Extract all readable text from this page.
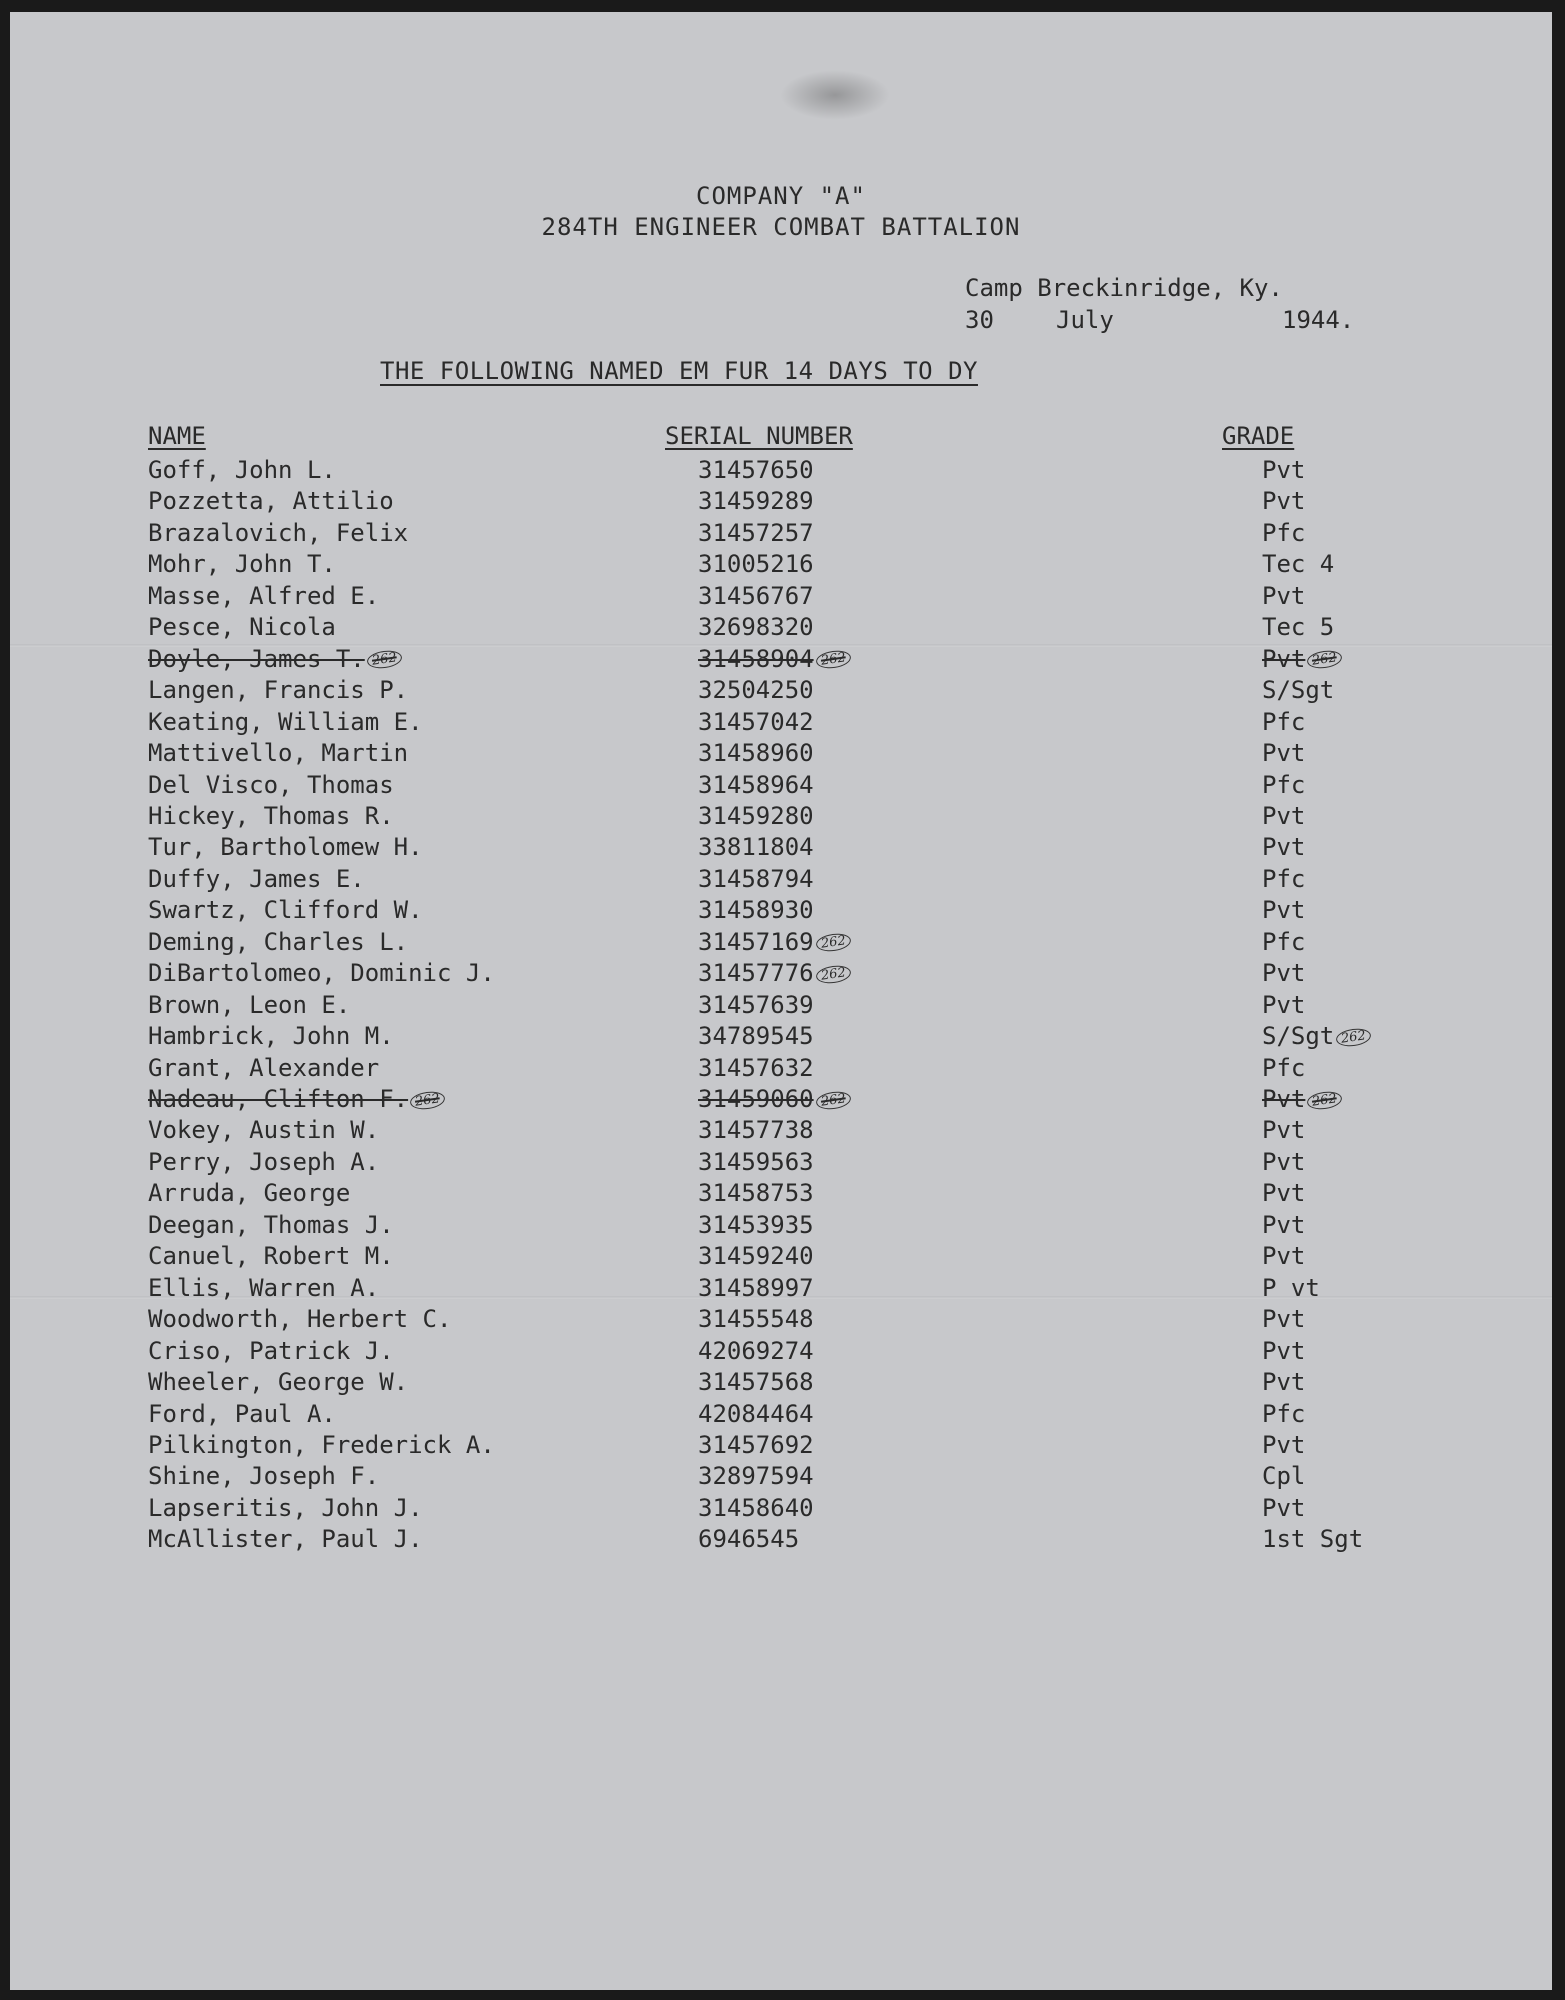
COMPANY "A"
284TH ENGINEER COMBAT BATTALION
Camp Breckinridge, Ky.
30	July	1944.
THE FOLLOWING NAMED EM FUR 14 DAYS TO DY
NAME	SERIAL NUMBER	GRADE
Goff, John L.	31457650	Pvt
Pozzetta, Attilio	31459289	Pvt
Brazalovich, Felix	31457257	Pfc
Mohr, John T.	31005216	Tec 4
Masse, Alfred E.	31456767	Pvt
Pesce, Nicola	32698320	Tec 5
Doyle, James T. 262	31458904 262	Pvt 262
Langen, Francis P.	32504250	S/Sgt
Keating, William E.	31457042	Pfc
Mattivello, Martin	31458960	Pvt
Del Visco, Thomas	31458964	Pfc
Hickey, Thomas R.	31459280	Pvt
Tur, Bartholomew H.	33811804	Pvt
Duffy, James E.	31458794	Pfc
Swartz, Clifford W.	31458930	Pvt
Deming, Charles L.	31457169 262	Pfc
DiBartolomeo, Dominic J.	31457776 262	Pvt
Brown, Leon E.	31457639	Pvt
Hambrick, John M.	34789545	S/Sgt 262
Grant, Alexander	31457632	Pfc
Nadeau, Clifton F. 262	31459060 262	Pvt 262
Vokey, Austin W.	31457738	Pvt
Perry, Joseph A.	31459563	Pvt
Arruda, George	31458753	Pvt
Deegan, Thomas J.	31453935	Pvt
Canuel, Robert M.	31459240	Pvt
Ellis, Warren A.	31458997	P vt
Woodworth, Herbert C.	31455548	Pvt
Criso, Patrick J.	42069274	Pvt
Wheeler, George W.	31457568	Pvt
Ford, Paul A.	42084464	Pfc
Pilkington, Frederick A.	31457692	Pvt
Shine, Joseph F.	32897594	Cpl
Lapseritis, John J.	31458640	Pvt
McAllister, Paul J.	6946545	1st Sgt
